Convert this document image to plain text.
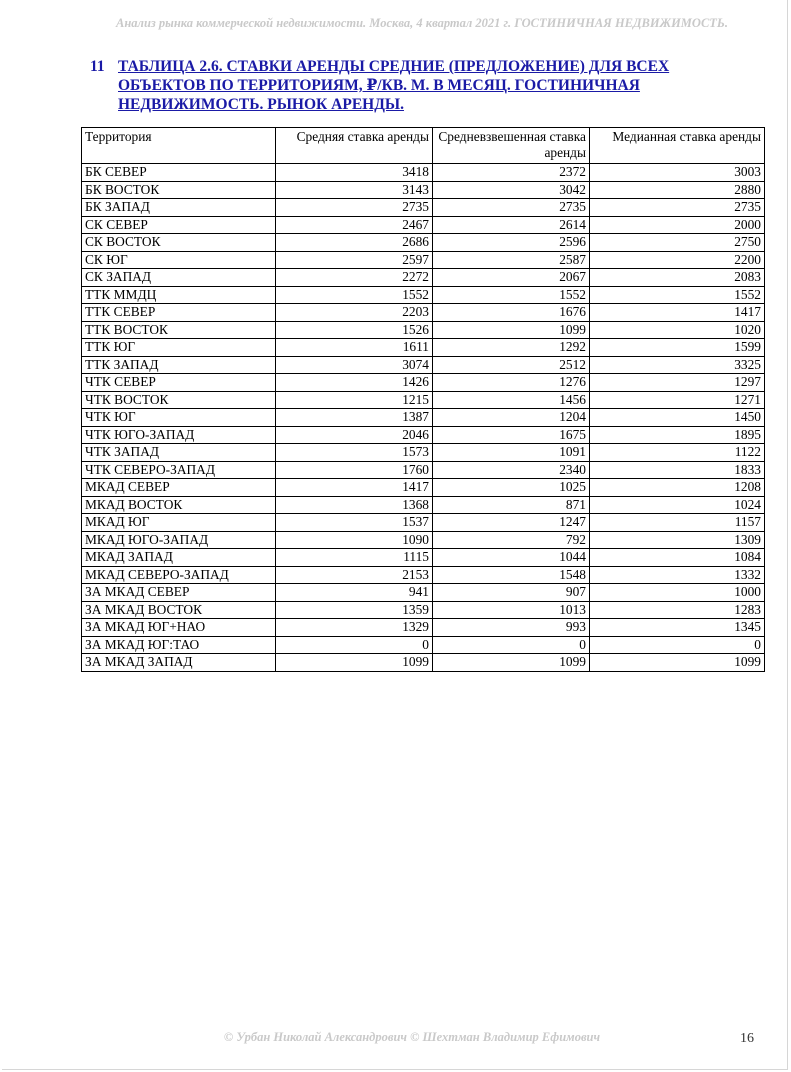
Анализ рынка коммерческой недвижимости. Москва, 4 квартал 2021 г. ГОСТИНИЧНАЯ НЕДВИЖИМОСТЬ.
11 ТАБЛИЦА 2.6. СТАВКИ АРЕНДЫ СРЕДНИЕ (ПРЕДЛОЖЕНИЕ) ДЛЯ ВСЕХ ОБЪЕКТОВ ПО ТЕРРИТОРИЯМ, ₽/КВ. М. В МЕСЯЦ. ГОСТИНИЧНАЯ НЕДВИЖИМОСТЬ. РЫНОК АРЕНДЫ.
Территория	Средняя ставка аренды	Средневзвешенная ставка аренды	Медианная ставка аренды
БК СЕВЕР	3418	2372	3003
БК ВОСТОК	3143	3042	2880
БК ЗАПАД	2735	2735	2735
СК СЕВЕР	2467	2614	2000
СК ВОСТОК	2686	2596	2750
СК ЮГ	2597	2587	2200
СК ЗАПАД	2272	2067	2083
ТТК ММДЦ	1552	1552	1552
ТТК СЕВЕР	2203	1676	1417
ТТК ВОСТОК	1526	1099	1020
ТТК ЮГ	1611	1292	1599
ТТК ЗАПАД	3074	2512	3325
ЧТК СЕВЕР	1426	1276	1297
ЧТК ВОСТОК	1215	1456	1271
ЧТК ЮГ	1387	1204	1450
ЧТК ЮГО-ЗАПАД	2046	1675	1895
ЧТК ЗАПАД	1573	1091	1122
ЧТК СЕВЕРО-ЗАПАД	1760	2340	1833
МКАД СЕВЕР	1417	1025	1208
МКАД ВОСТОК	1368	871	1024
МКАД ЮГ	1537	1247	1157
МКАД ЮГО-ЗАПАД	1090	792	1309
МКАД ЗАПАД	1115	1044	1084
МКАД СЕВЕРО-ЗАПАД	2153	1548	1332
ЗА МКАД СЕВЕР	941	907	1000
ЗА МКАД ВОСТОК	1359	1013	1283
ЗА МКАД ЮГ+НАО	1329	993	1345
ЗА МКАД ЮГ:ТАО	0	0	0
ЗА МКАД ЗАПАД	1099	1099	1099
© Урбан Николай Александрович © Шехтман Владимир Ефимович	16
